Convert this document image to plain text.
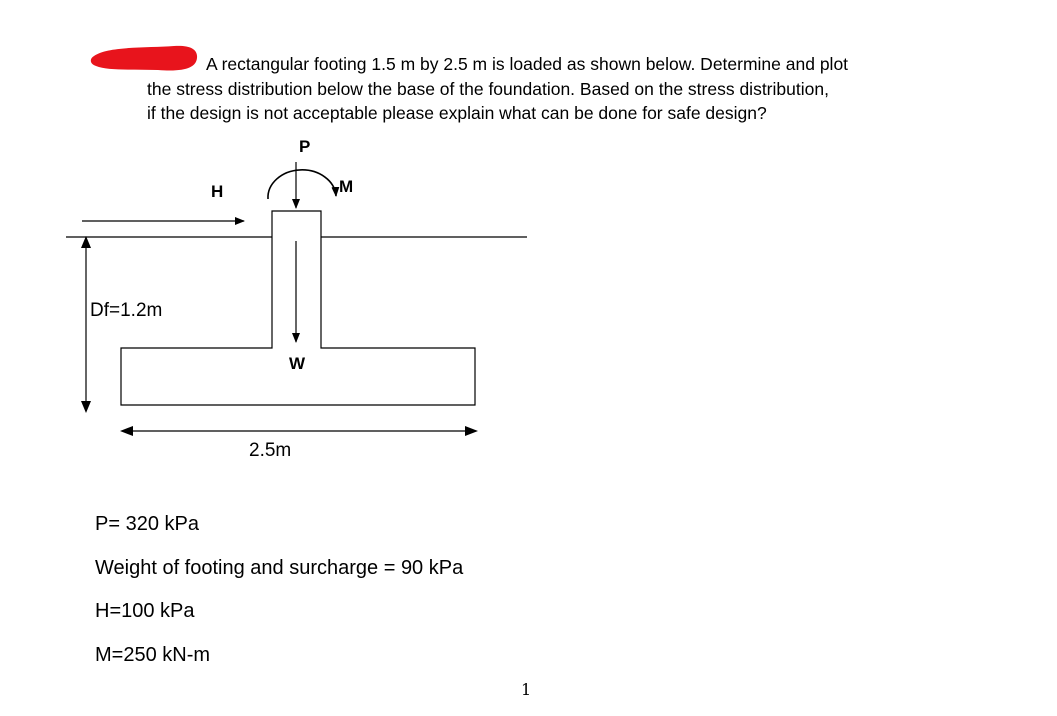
A rectangular footing 1.5 m by 2.5 m is loaded as shown below. Determine and plot
the stress distribution below the base of the foundation. Based on the stress distribution,
if the design is not acceptable please explain what can be done for safe design?
P
H	M
W
Df=1.2m
2.5m
P= 320 kPa
Weight of footing and surcharge = 90 kPa
H=100 kPa
M=250 kN-m
1
